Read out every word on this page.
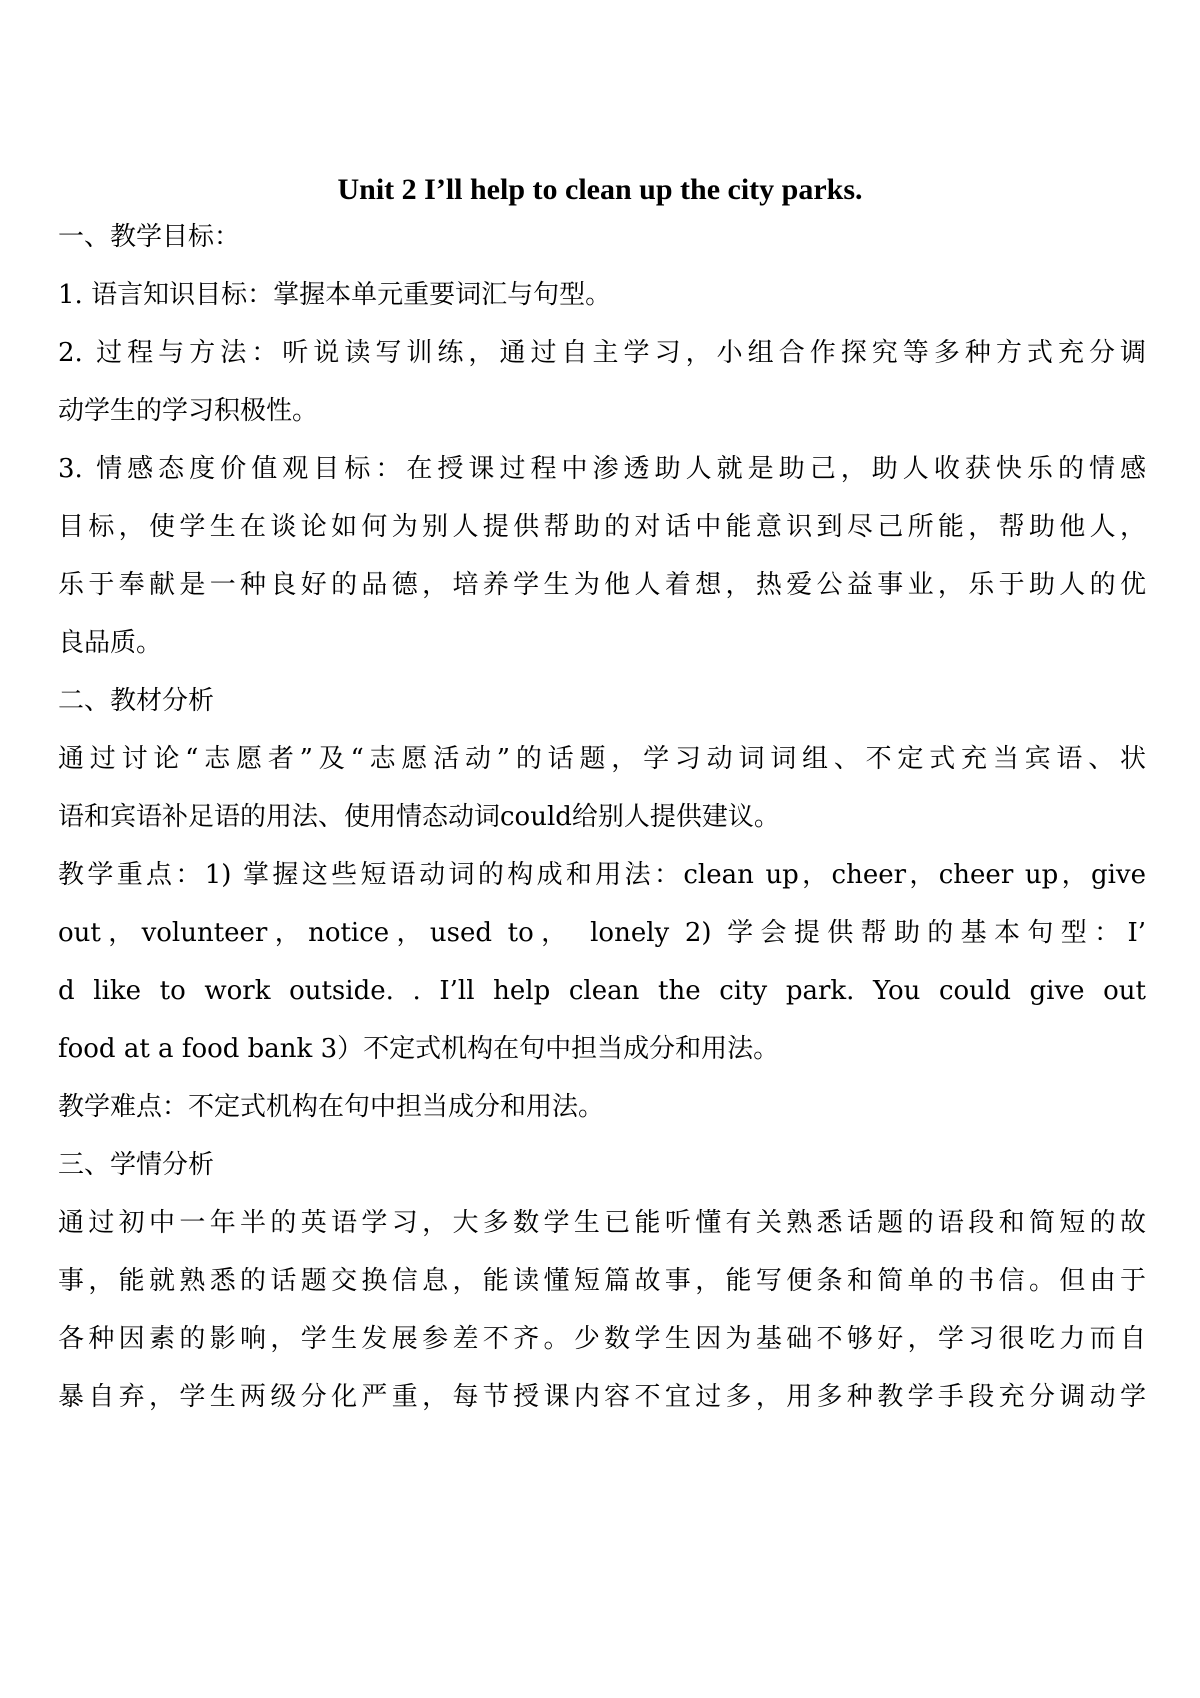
Unit 2 I’ll help to clean up the city parks.
一、教学目标：
1. 语言知识目标：掌握本单元重要词汇与句型。
2. 过程与方法：听说读写训练，通过自主学习，小组合作探究等多种方式充分调
动学生的学习积极性。
3. 情感态度价值观目标：在授课过程中渗透助人就是助己，助人收获快乐的情感
目标，使学生在谈论如何为别人提供帮助的对话中能意识到尽己所能，帮助他人，
乐于奉献是一种良好的品德，培养学生为他人着想，热爱公益事业，乐于助人的优
良品质。
二、教材分析
通过讨论“志愿者”及“志愿活动”的话题，学习动词词组、不定式充当宾语、状
语和宾语补足语的用法、使用情态动词could给别人提供建议。
教学重点：1) 掌握这些短语动词的构成和用法：clean up，cheer，cheer up，give
out，volunteer，notice，used to， lonely 2) 学会提供帮助的基本句型：I’
d like to work outside. . I’ll help clean the city park. You could give out
food at a food bank 3）不定式机构在句中担当成分和用法。
教学难点：不定式机构在句中担当成分和用法。
三、学情分析
通过初中一年半的英语学习，大多数学生已能听懂有关熟悉话题的语段和简短的故
事，能就熟悉的话题交换信息，能读懂短篇故事，能写便条和简单的书信。但由于
各种因素的影响，学生发展参差不齐。少数学生因为基础不够好，学习很吃力而自
暴自弃，学生两级分化严重，每节授课内容不宜过多，用多种教学手段充分调动学
